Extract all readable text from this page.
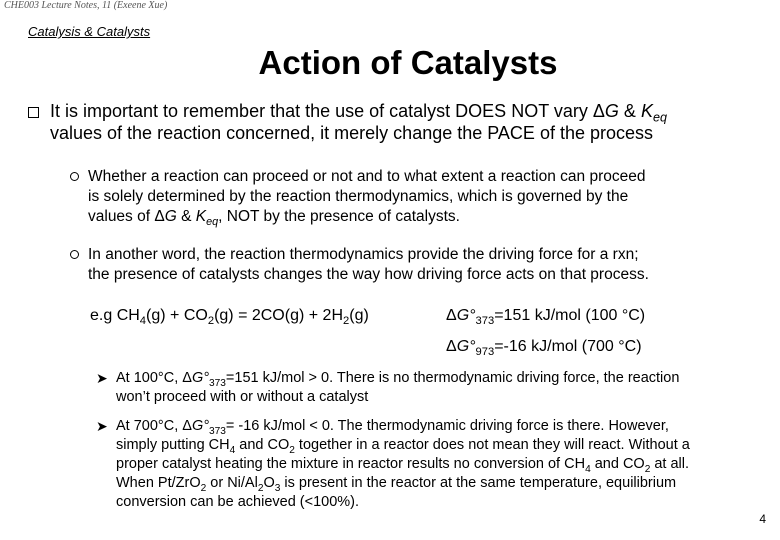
CHE003 Lecture Notes, 11 (Exeene Xue)
Catalysis & Catalysts
Action of Catalysts
It is important to remember that the use of catalyst DOES NOT vary ΔG & $K_{eq}$
values of the reaction concerned, it merely change the PACE of the process
Whether a reaction can proceed or not and to what extent a reaction can proceed
is solely determined by the reaction thermodynamics, which is governed by the
values of ΔG & $K_{eq}$, NOT by the presence of catalysts.
In another word, the reaction thermodynamics provide the driving force for a rxn;
the presence of catalysts changes the way how driving force acts on that process.
e.g $CH_4(g) + CO_2(g) = 2CO(g) + 2H_2(g)$	$\Delta G^\circ_{373}=151$ kJ/mol (100 °C)
$\Delta G^\circ_{973}=-16$ kJ/mol (700 °C)
➤ At 100°C, $\Delta G^\circ_{373}=151$ kJ/mol > 0. There is no thermodynamic driving force, the reaction
won’t proceed with or without a catalyst
➤ At 700°C, $\Delta G^\circ_{373}= -16$ kJ/mol < 0. The thermodynamic driving force is there. However,
simply putting $CH_4$ and $CO_2$ together in a reactor does not mean they will react. Without a
proper catalyst heating the mixture in reactor results no conversion of $CH_4$ and $CO_2$ at all.
When Pt/ZrO$_2$ or $Ni/Al_2O_3$ is present in the reactor at the same temperature, equilibrium
conversion can be achieved (<100%).
4
